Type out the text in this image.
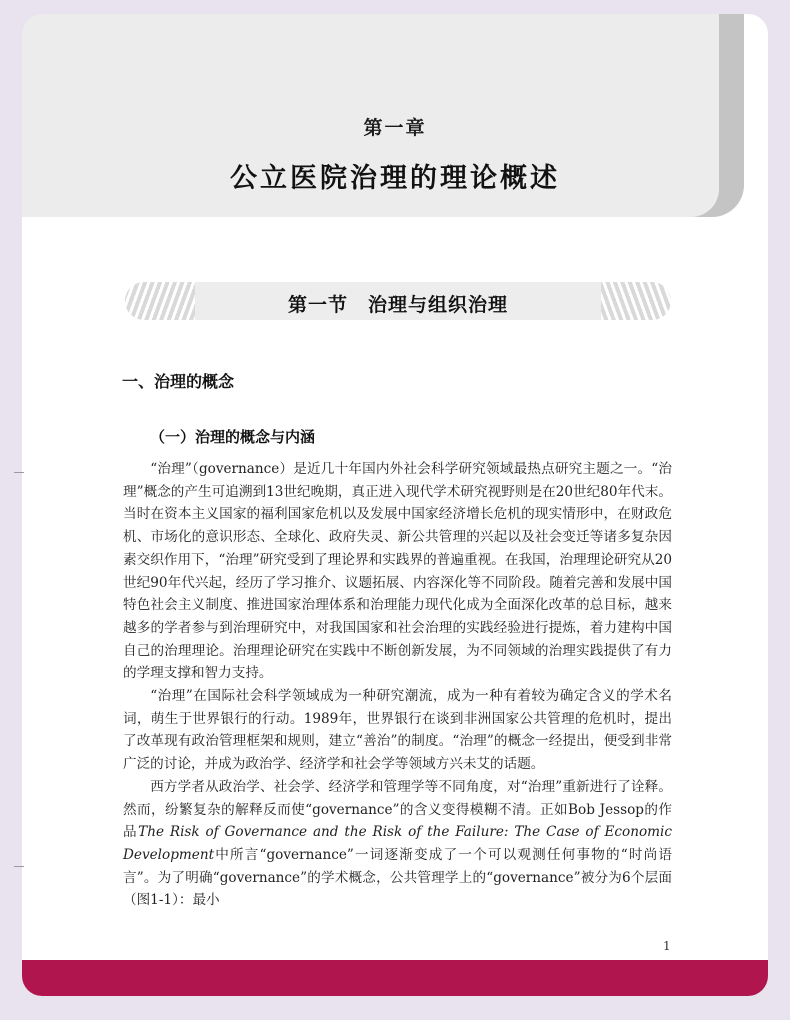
第一章
公立医院治理的理论概述
第一节　治理与组织治理
一、治理的概念
（一）治理的概念与内涵

“治理”（governance）是近几十年国内外社会科学研究领域最热点研究主题之一。“治理”概念的产生可追溯到13世纪晚期，真正进入现代学术研究视野则是在20世纪80年代末。当时在资本主义国家的福利国家危机以及发展中国家经济增长危机的现实情形中，在财政危机、市场化的意识形态、全球化、政府失灵、新公共管理的兴起以及社会变迁等诸多复杂因素交织作用下，“治理”研究受到了理论界和实践界的普遍重视。在我国，治理理论研究从20世纪90年代兴起，经历了学习推介、议题拓展、内容深化等不同阶段。随着完善和发展中国特色社会主义制度、推进国家治理体系和治理能力现代化成为全面深化改革的总目标，越来越多的学者参与到治理研究中，对我国国家和社会治理的实践经验进行提炼，着力建构中国自己的治理理论。治理理论研究在实践中不断创新发展，为不同领域的治理实践提供了有力的学理支撑和智力支持。

“治理”在国际社会科学领域成为一种研究潮流，成为一种有着较为确定含义的学术名词，萌生于世界银行的行动。1989年，世界银行在谈到非洲国家公共管理的危机时，提出了改革现有政治管理框架和规则，建立“善治”的制度。“治理”的概念一经提出，便受到非常广泛的讨论，并成为政治学、经济学和社会学等领域方兴未艾的话题。

西方学者从政治学、社会学、经济学和管理学等不同角度，对“治理”重新进行了诠释。然而，纷繁复杂的解释反而使“governance”的含义变得模糊不清。正如Bob Jessop的作品The Risk of Governance and the Risk of the Failure: The Case of Economic Development中所言“governance”一词逐渐变成了一个可以观测任何事物的“时尚语言”。为了明确“governance”的学术概念，公共管理学上的“governance”被分为6个层面（图1-1）：最小

1
